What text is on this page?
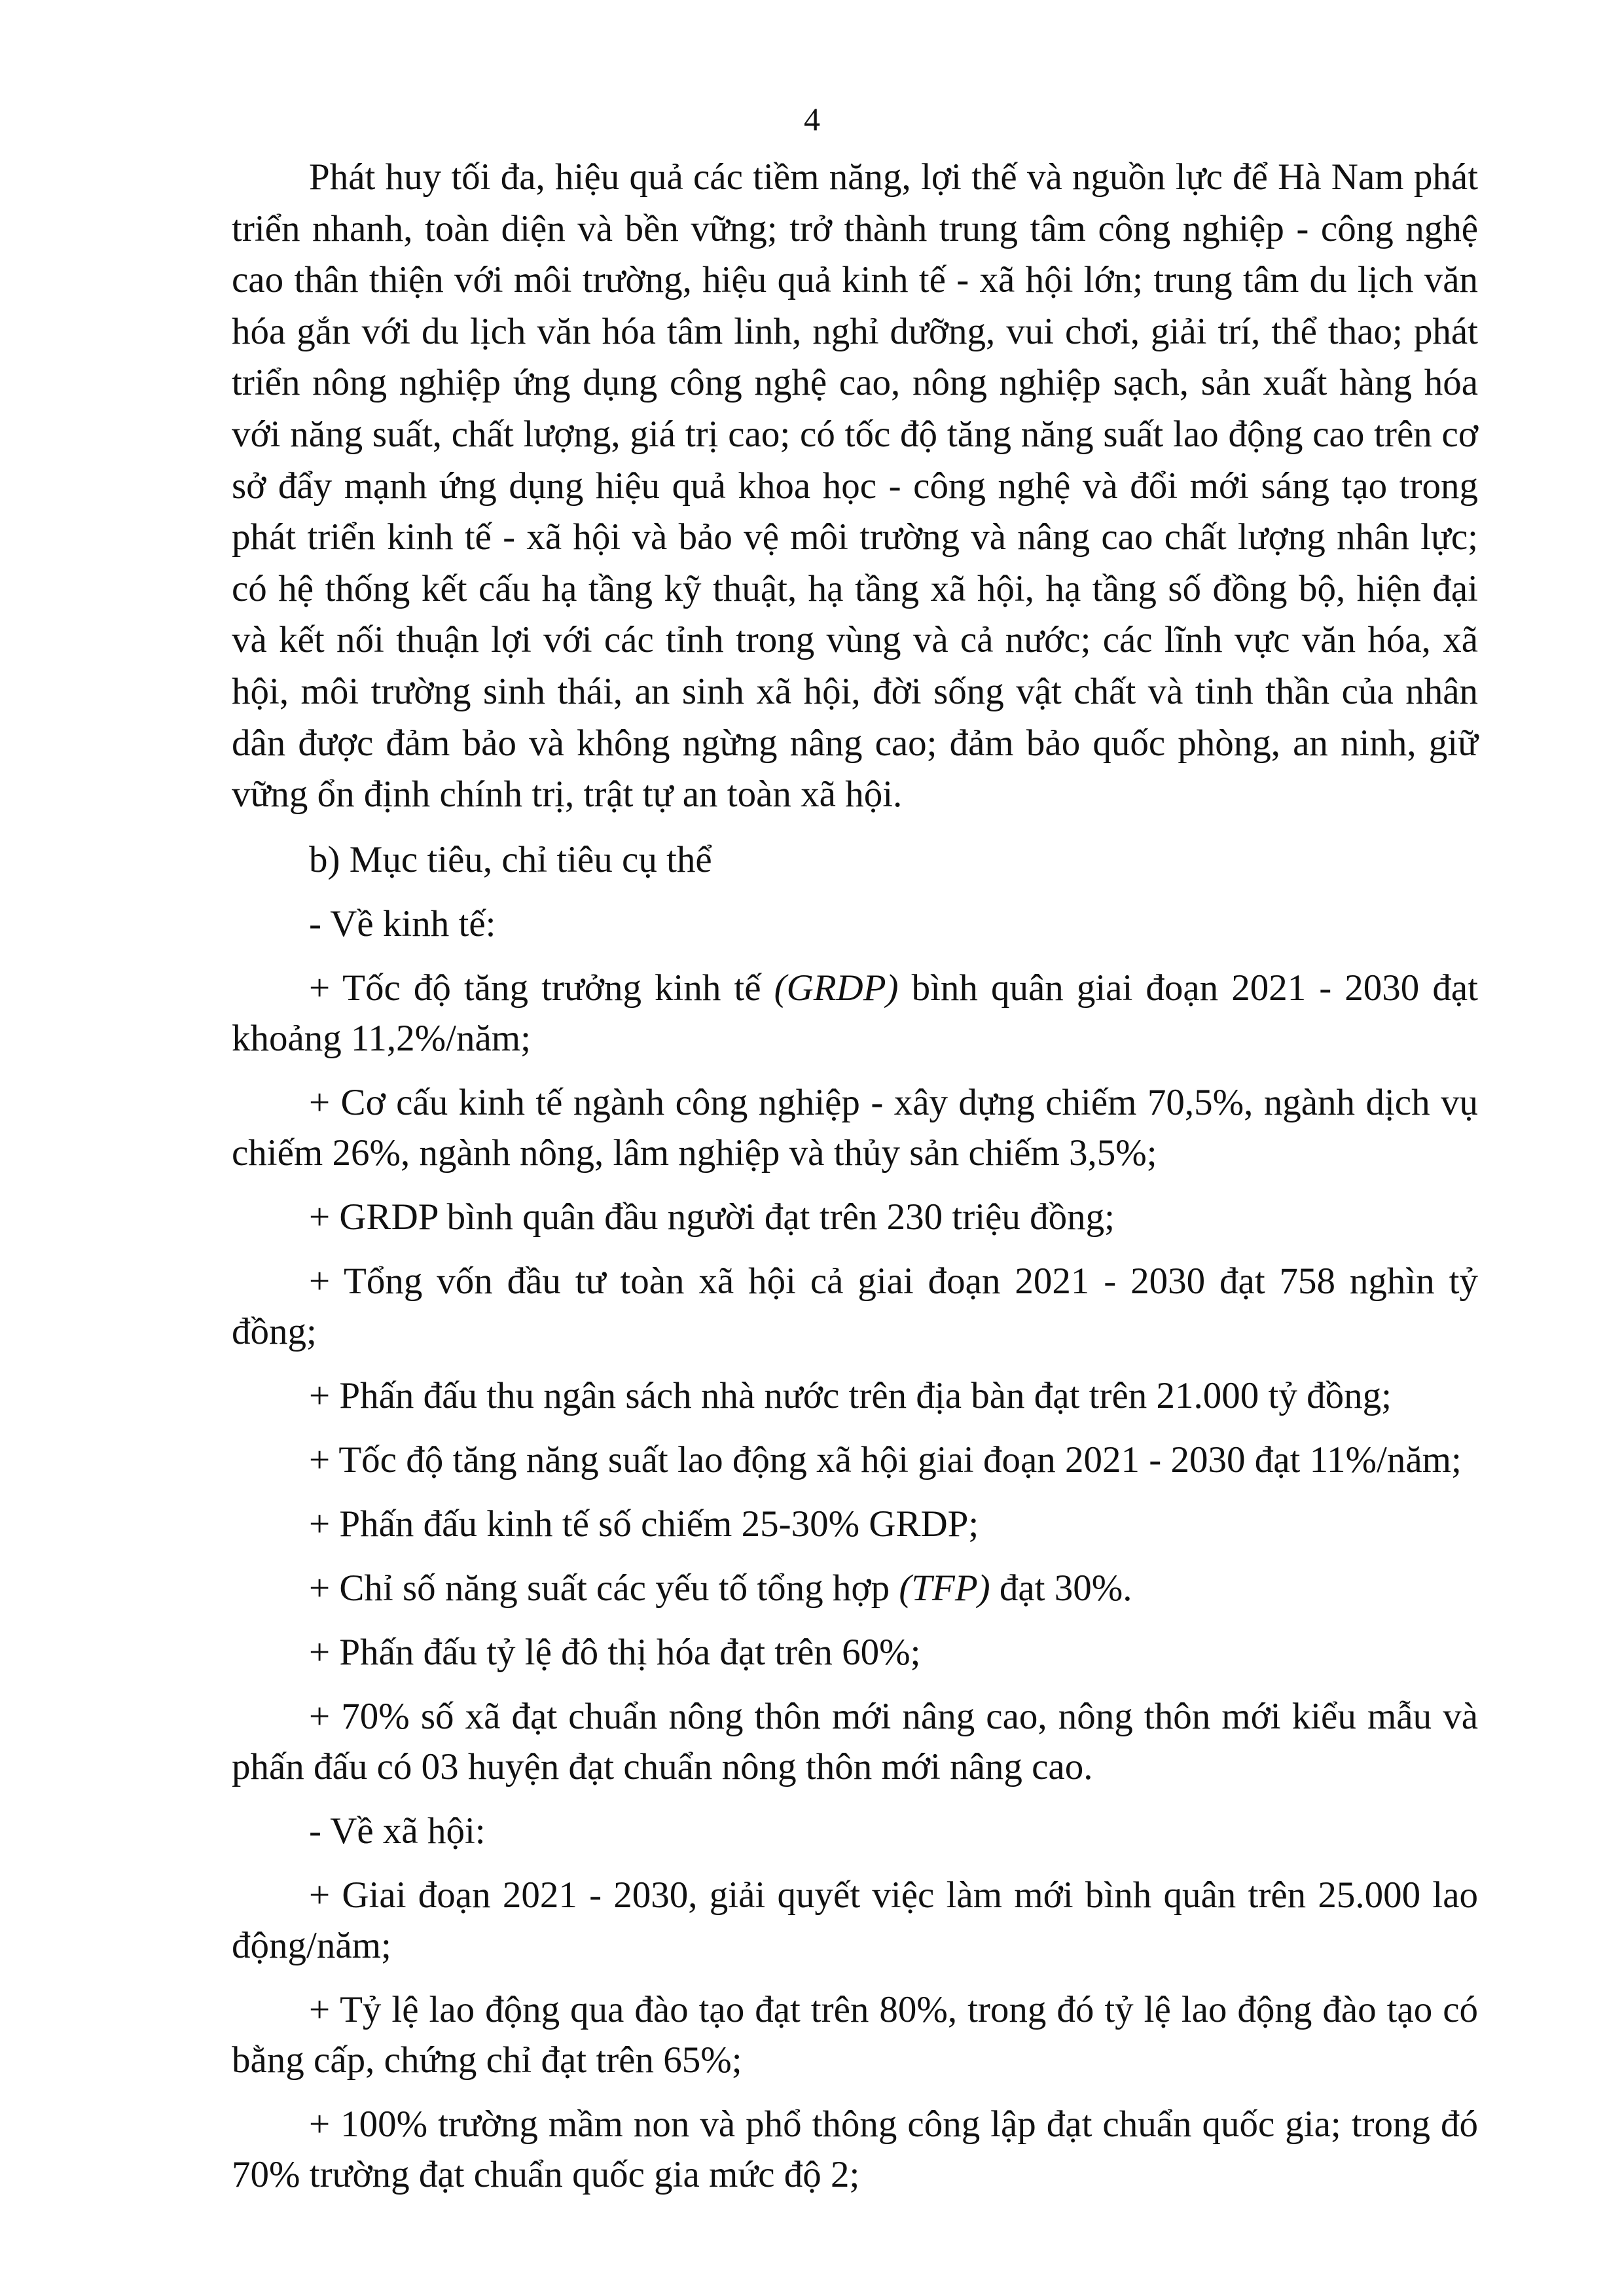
4

Phát huy tối đa, hiệu quả các tiềm năng, lợi thế và nguồn lực để Hà Nam phát triển nhanh, toàn diện và bền vững; trở thành trung tâm công nghiệp - công nghệ cao thân thiện với môi trường, hiệu quả kinh tế - xã hội lớn; trung tâm du lịch văn hóa gắn với du lịch văn hóa tâm linh, nghỉ dưỡng, vui chơi, giải trí, thể thao; phát triển nông nghiệp ứng dụng công nghệ cao, nông nghiệp sạch, sản xuất hàng hóa với năng suất, chất lượng, giá trị cao; có tốc độ tăng năng suất lao động cao trên cơ sở đẩy mạnh ứng dụng hiệu quả khoa học - công nghệ và đổi mới sáng tạo trong phát triển kinh tế - xã hội và bảo vệ môi trường và nâng cao chất lượng nhân lực; có hệ thống kết cấu hạ tầng kỹ thuật, hạ tầng xã hội, hạ tầng số đồng bộ, hiện đại và kết nối thuận lợi với các tỉnh trong vùng và cả nước; các lĩnh vực văn hóa, xã hội, môi trường sinh thái, an sinh xã hội, đời sống vật chất và tinh thần của nhân dân được đảm bảo và không ngừng nâng cao; đảm bảo quốc phòng, an ninh, giữ vững ổn định chính trị, trật tự an toàn xã hội.

b) Mục tiêu, chỉ tiêu cụ thể

- Về kinh tế:

+ Tốc độ tăng trưởng kinh tế (GRDP) bình quân giai đoạn 2021 - 2030 đạt khoảng 11,2%/năm;

+ Cơ cấu kinh tế ngành công nghiệp - xây dựng chiếm 70,5%, ngành dịch vụ chiếm 26%, ngành nông, lâm nghiệp và thủy sản chiếm 3,5%;

+ GRDP bình quân đầu người đạt trên 230 triệu đồng;

+ Tổng vốn đầu tư toàn xã hội cả giai đoạn 2021 - 2030 đạt 758 nghìn tỷ đồng;

+ Phấn đấu thu ngân sách nhà nước trên địa bàn đạt trên 21.000 tỷ đồng;

+ Tốc độ tăng năng suất lao động xã hội giai đoạn 2021 - 2030 đạt 11%/năm;

+ Phấn đấu kinh tế số chiếm 25-30% GRDP;

+ Chỉ số năng suất các yếu tố tổng hợp (TFP) đạt 30%.

+ Phấn đấu tỷ lệ đô thị hóa đạt trên 60%;

+ 70% số xã đạt chuẩn nông thôn mới nâng cao, nông thôn mới kiểu mẫu và phấn đấu có 03 huyện đạt chuẩn nông thôn mới nâng cao.

- Về xã hội:

+ Giai đoạn 2021 - 2030, giải quyết việc làm mới bình quân trên 25.000 lao động/năm;

+ Tỷ lệ lao động qua đào tạo đạt trên 80%, trong đó tỷ lệ lao động đào tạo có bằng cấp, chứng chỉ đạt trên 65%;

+ 100% trường mầm non và phổ thông công lập đạt chuẩn quốc gia; trong đó 70% trường đạt chuẩn quốc gia mức độ 2;
